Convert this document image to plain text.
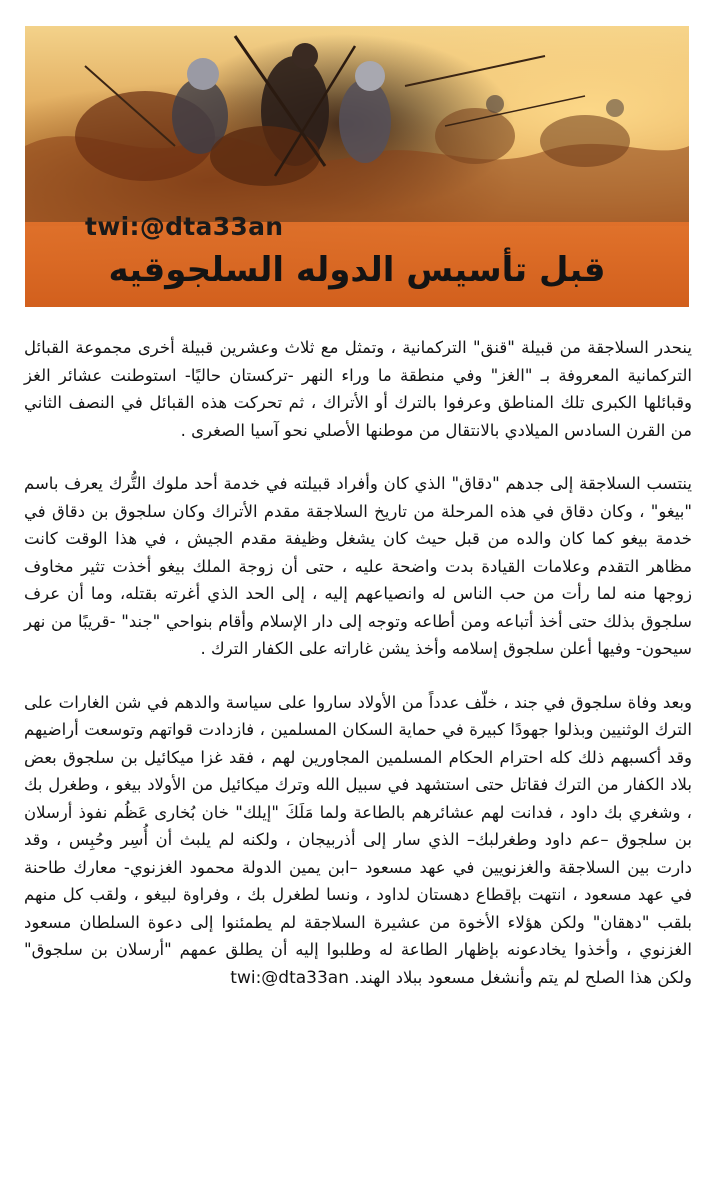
twi:@dta33an
قبل تأسيس الدوله السلجوقيه

ينحدر السلاجقة من قبيلة "قنق" التركمانية ، وتمثل مع ثلاث وعشرين قبيلة أخرى مجموعة القبائل التركمانية المعروفة بـ "الغز" وفي منطقة ما وراء النهر -تركستان حاليًا- استوطنت عشائر الغز وقبائلها الكبرى تلك المناطق وعرفوا بالترك أو الأتراك ، ثم تحركت هذه القبائل في النصف الثاني من القرن السادس الميلادي بالانتقال من موطنها الأصلي نحو آسيا الصغرى .

ينتسب السلاجقة إلى جدهم "دقاق" الذي كان وأفراد قبيلته في خدمة أحد ملوك التُّرك يعرف باسم "بيغو" ، وكان دقاق في هذه المرحلة من تاريخ السلاجقة مقدم الأتراك وكان سلجوق بن دقاق في خدمة بيغو كما كان والده من قبل حيث كان يشغل وظيفة مقدم الجيش ، في هذا الوقت كانت مظاهر التقدم وعلامات القيادة بدت واضحة عليه ، حتى أن زوجة الملك بيغو أخذت تثير مخاوف زوجها منه لما رأت من حب الناس له وانصياعهم إليه ، إلى الحد الذي أغرته بقتله، وما أن عرف سلجوق بذلك حتى أخذ أتباعه ومن أطاعه وتوجه إلى دار الإسلام وأقام بنواحي "جند" -قريبًا من نهر سيحون- وفيها أعلن سلجوق إسلامه وأخذ يشن غاراته على الكفار الترك .

وبعد وفاة سلجوق في جند ، خلّف عدداً من الأولاد ساروا على سياسة والدهم في شن الغارات على الترك الوثنيين وبذلوا جهودًا كبيرة في حماية السكان المسلمين ، فازدادت قواتهم وتوسعت أراضيهم وقد أكسبهم ذلك كله احترام الحكام المسلمين المجاورين لهم ، فقد غزا ميكائيل بن سلجوق بعض بلاد الكفار من الترك فقاتل حتى استشهد في سبيل الله وترك ميكائيل من الأولاد بيغو ، وطغرل بك ، وشغري بك داود ، فدانت لهم عشائرهم بالطاعة ولما مَلَكَ "إيلك" خان بُخارى عَظُم نفوذ أرسلان بن سلجوق –عم داود وطغرلبك– الذي سار إلى أذربيجان ، ولكنه لم يلبث أن أُسِر وحُبِس ، وقد دارت بين السلاجقة والغزنويين في عهد مسعود –ابن يمين الدولة محمود الغزنوي- معارك طاحنة في عهد مسعود ، انتهت بإقطاع دهستان لداود ، ونسا لطغرل بك ، وفراوة لبيغو ، ولقب كل منهم بلقب "دهقان" ولكن هؤلاء الأخوة من عشيرة السلاجقة لم يطمئنوا إلى دعوة السلطان مسعود الغزنوي ، وأخذوا يخادعونه بإظهار الطاعة له وطلبوا إليه أن يطلق عمهم "أرسلان بن سلجوق" ولكن هذا الصلح لم يتم وأنشغل مسعود ببلاد الهند. twi:@dta33an
